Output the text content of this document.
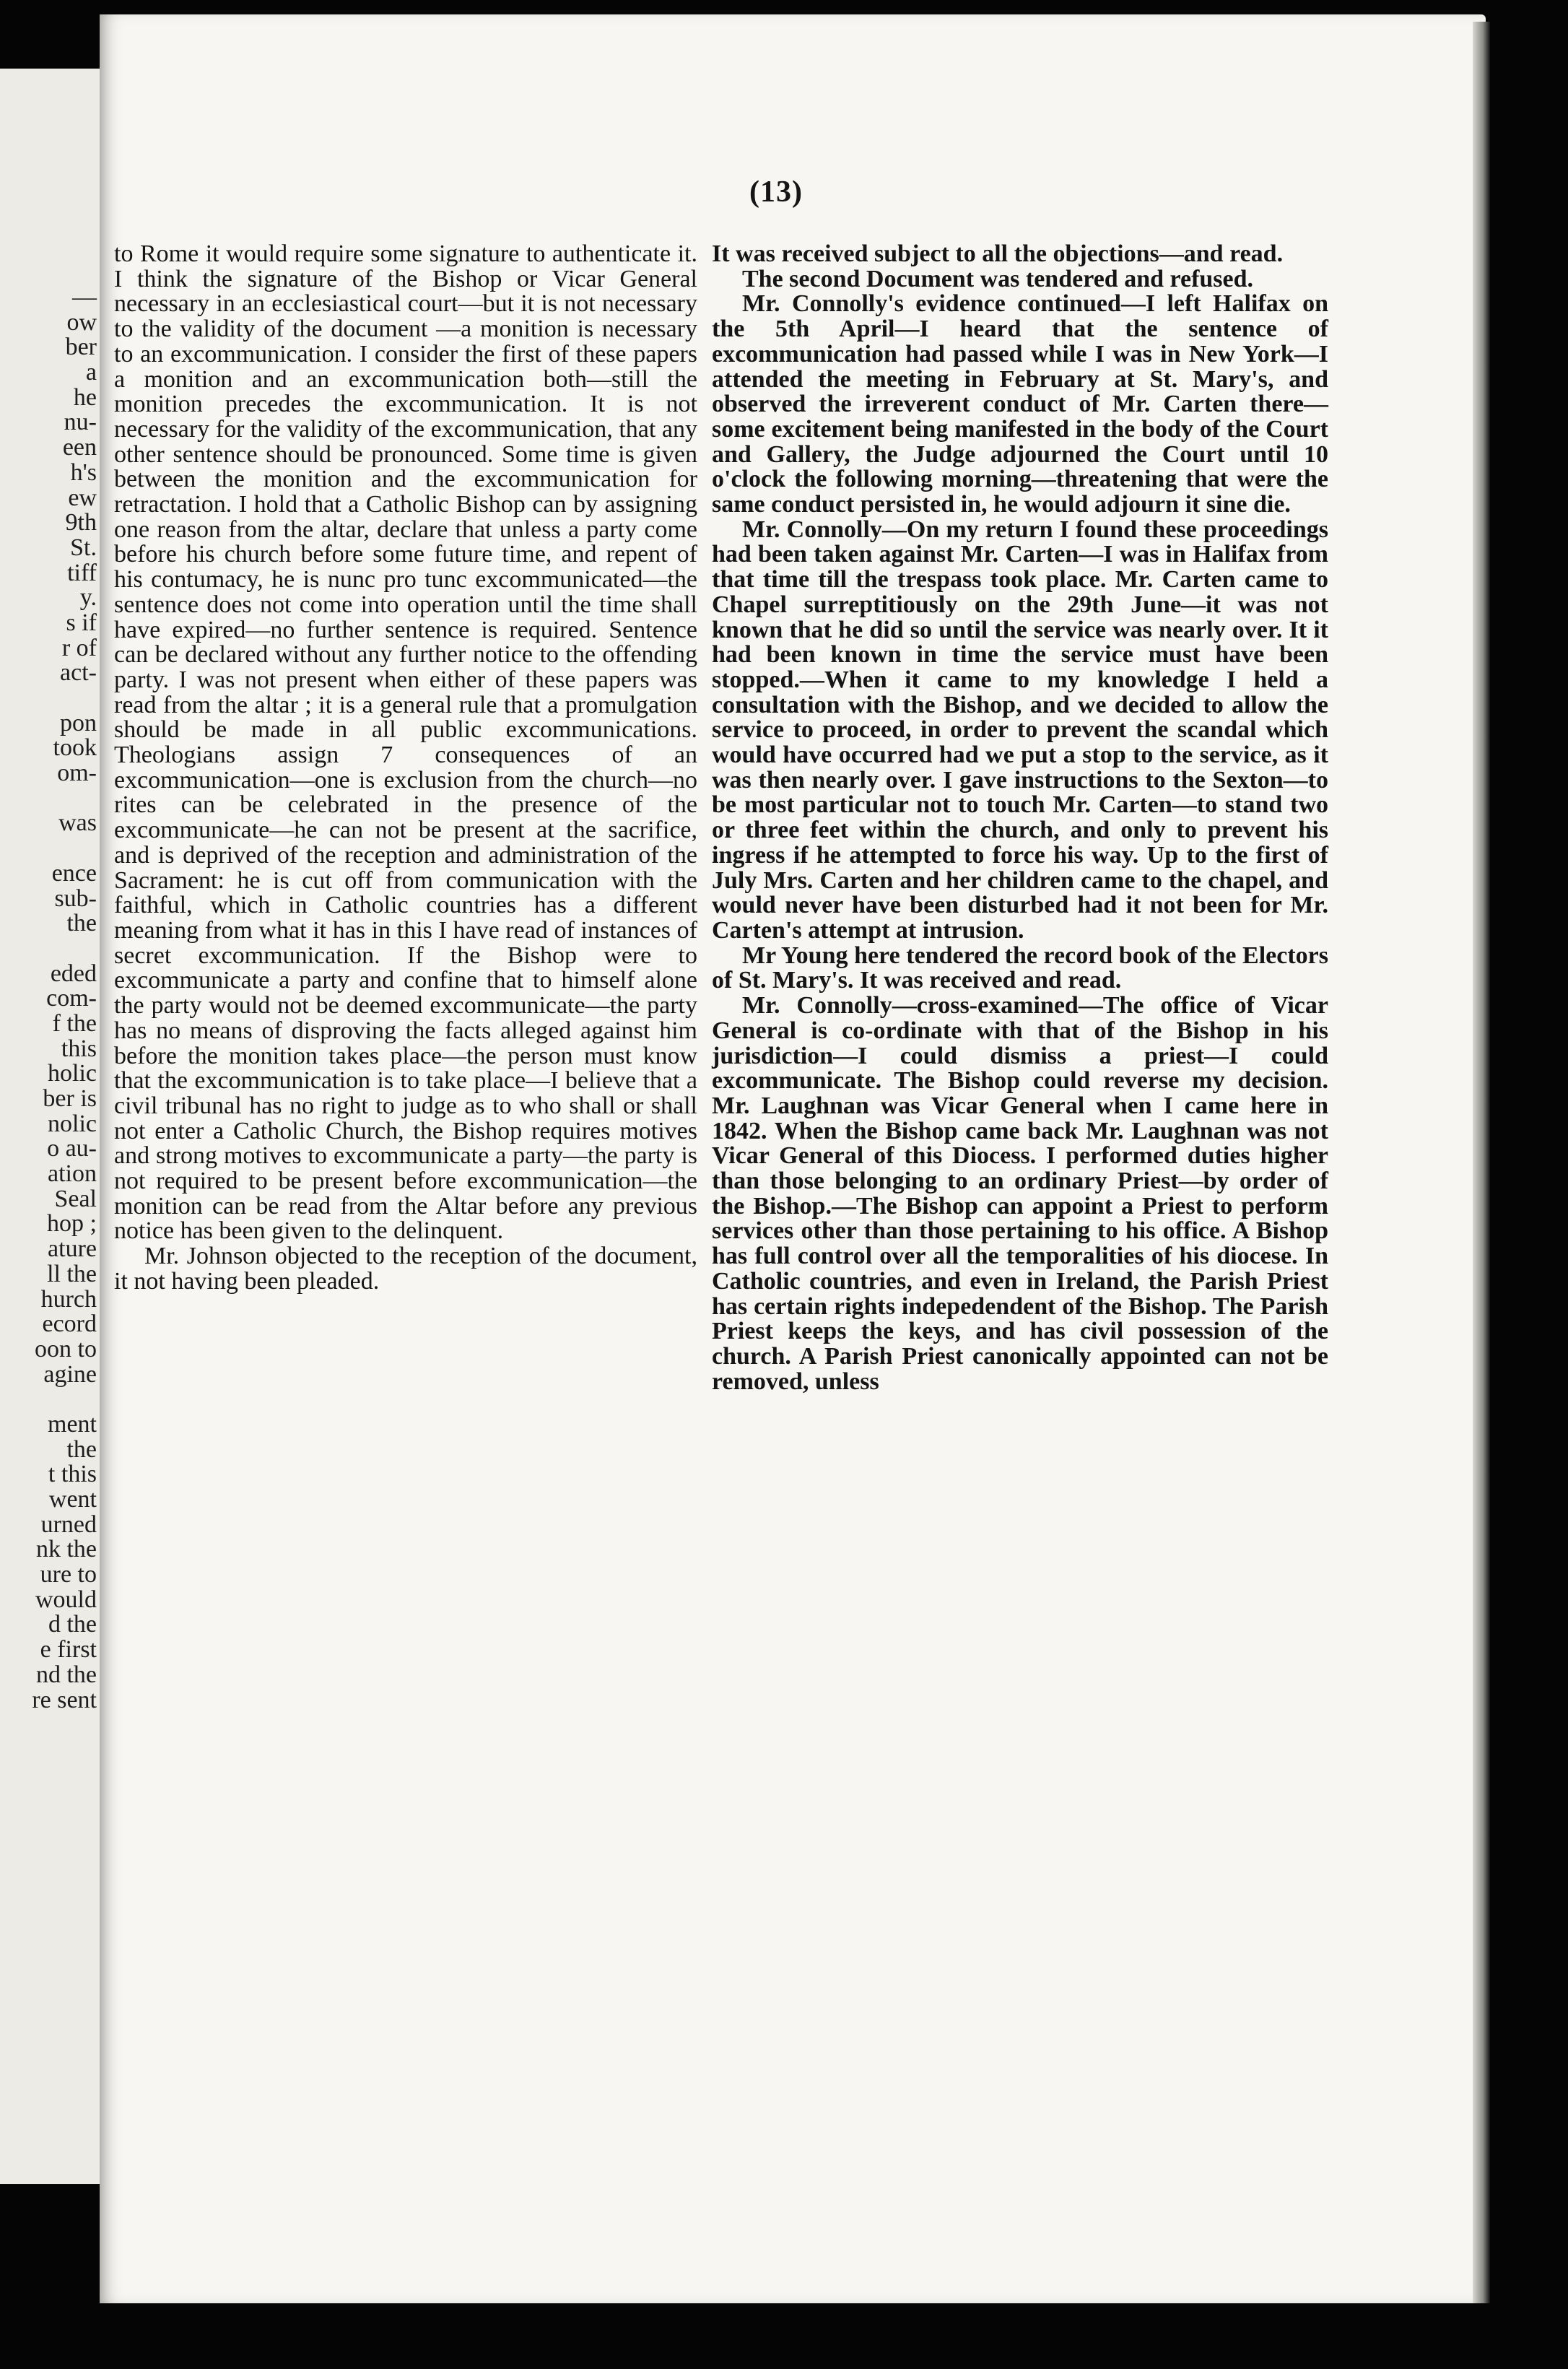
—
ow
ber
a
he
nu-
een
h's
ew
9th
St.
tiff
y.
s if
r of
act-
pon
took
om-
was
ence
sub-
the
eded
com-
f the
this
holic
ber is
nolic
o au-
ation
Seal
hop ;
ature
ll the
hurch
ecord
oon to
agine
ment
the
t this
went
urned
nk the
ure to
would
d the
e first
nd the
re sent
(13)

to Rome it would require some signature to authenticate it. I think the signature of the Bishop or Vicar General necessary in an ecclesiastical court—but it is not necessary to the validity of the document —a monition is necessary to an excommunication. I consider the first of these papers a monition and an excommunication both—still the monition precedes the excommunication. It is not necessary for the validity of the excommunication, that any other sentence should be pronounced. Some time is given between the monition and the excommunication for retractation. I hold that a Catholic Bishop can by assigning one reason from the altar, declare that unless a party come before his church before some future time, and repent of his contumacy, he is nunc pro tunc excommunicated—the sentence does not come into operation until the time shall have expired—no further sentence is required. Sentence can be declared without any further notice to the offending party. I was not present when either of these papers was read from the altar ; it is a general rule that a promulgation should be made in all public excommunications. Theologians assign 7 consequences of an excommunication—one is exclusion from the church—no rites can be celebrated in the presence of the excommunicate—he can not be present at the sacrifice, and is deprived of the reception and administration of the Sacrament: he is cut off from communication with the faithful, which in Catholic countries has a different meaning from what it has in this I have read of instances of secret excommunication. If the Bishop were to excommunicate a party and confine that to himself alone the party would not be deemed excommunicate—the party has no means of disproving the facts alleged against him before the monition takes place—the person must know that the excommunication is to take place—I believe that a civil tribunal has no right to judge as to who shall or shall not enter a Catholic Church, the Bishop requires motives and strong motives to excommunicate a party—the party is not required to be present before excommunication—the monition can be read from the Altar before any previous notice has been given to the delinquent.

Mr. Johnson objected to the reception of the document, it not having been pleaded.

It was received subject to all the objections—and read.

The second Document was tendered and refused.

Mr. Connolly's evidence continued—I left Halifax on the 5th April—I heard that the sentence of excommunication had passed while I was in New York—I attended the meeting in February at St. Mary's, and observed the irreverent conduct of Mr. Carten there—some excitement being manifested in the body of the Court and Gallery, the Judge adjourned the Court until 10 o'clock the following morning—threatening that were the same conduct persisted in, he would adjourn it sine die.

Mr. Connolly—On my return I found these proceedings had been taken against Mr. Carten—I was in Halifax from that time till the trespass took place. Mr. Carten came to Chapel surreptitiously on the 29th June—it was not known that he did so until the service was nearly over. It it had been known in time the service must have been stopped.—When it came to my knowledge I held a consultation with the Bishop, and we decided to allow the service to proceed, in order to prevent the scandal which would have occurred had we put a stop to the service, as it was then nearly over. I gave instructions to the Sexton—to be most particular not to touch Mr. Carten—to stand two or three feet within the church, and only to prevent his ingress if he attempted to force his way. Up to the first of July Mrs. Carten and her children came to the chapel, and would never have been disturbed had it not been for Mr. Carten's attempt at intrusion.

Mr Young here tendered the record book of the Electors of St. Mary's. It was received and read.

Mr. Connolly—cross-examined—The office of Vicar General is co-ordinate with that of the Bishop in his jurisdiction—I could dismiss a priest—I could excommunicate. The Bishop could reverse my decision. Mr. Laughnan was Vicar General when I came here in 1842. When the Bishop came back Mr. Laughnan was not Vicar General of this Diocess. I performed duties higher than those belonging to an ordinary Priest—by order of the Bishop.—The Bishop can appoint a Priest to perform services other than those pertaining to his office. A Bishop has full control over all the temporalities of his diocese. In Catholic countries, and even in Ireland, the Parish Priest has certain rights indepedendent of the Bishop. The Parish Priest keeps the keys, and has civil possession of the church. A Parish Priest canonically appointed can not be removed, unless
